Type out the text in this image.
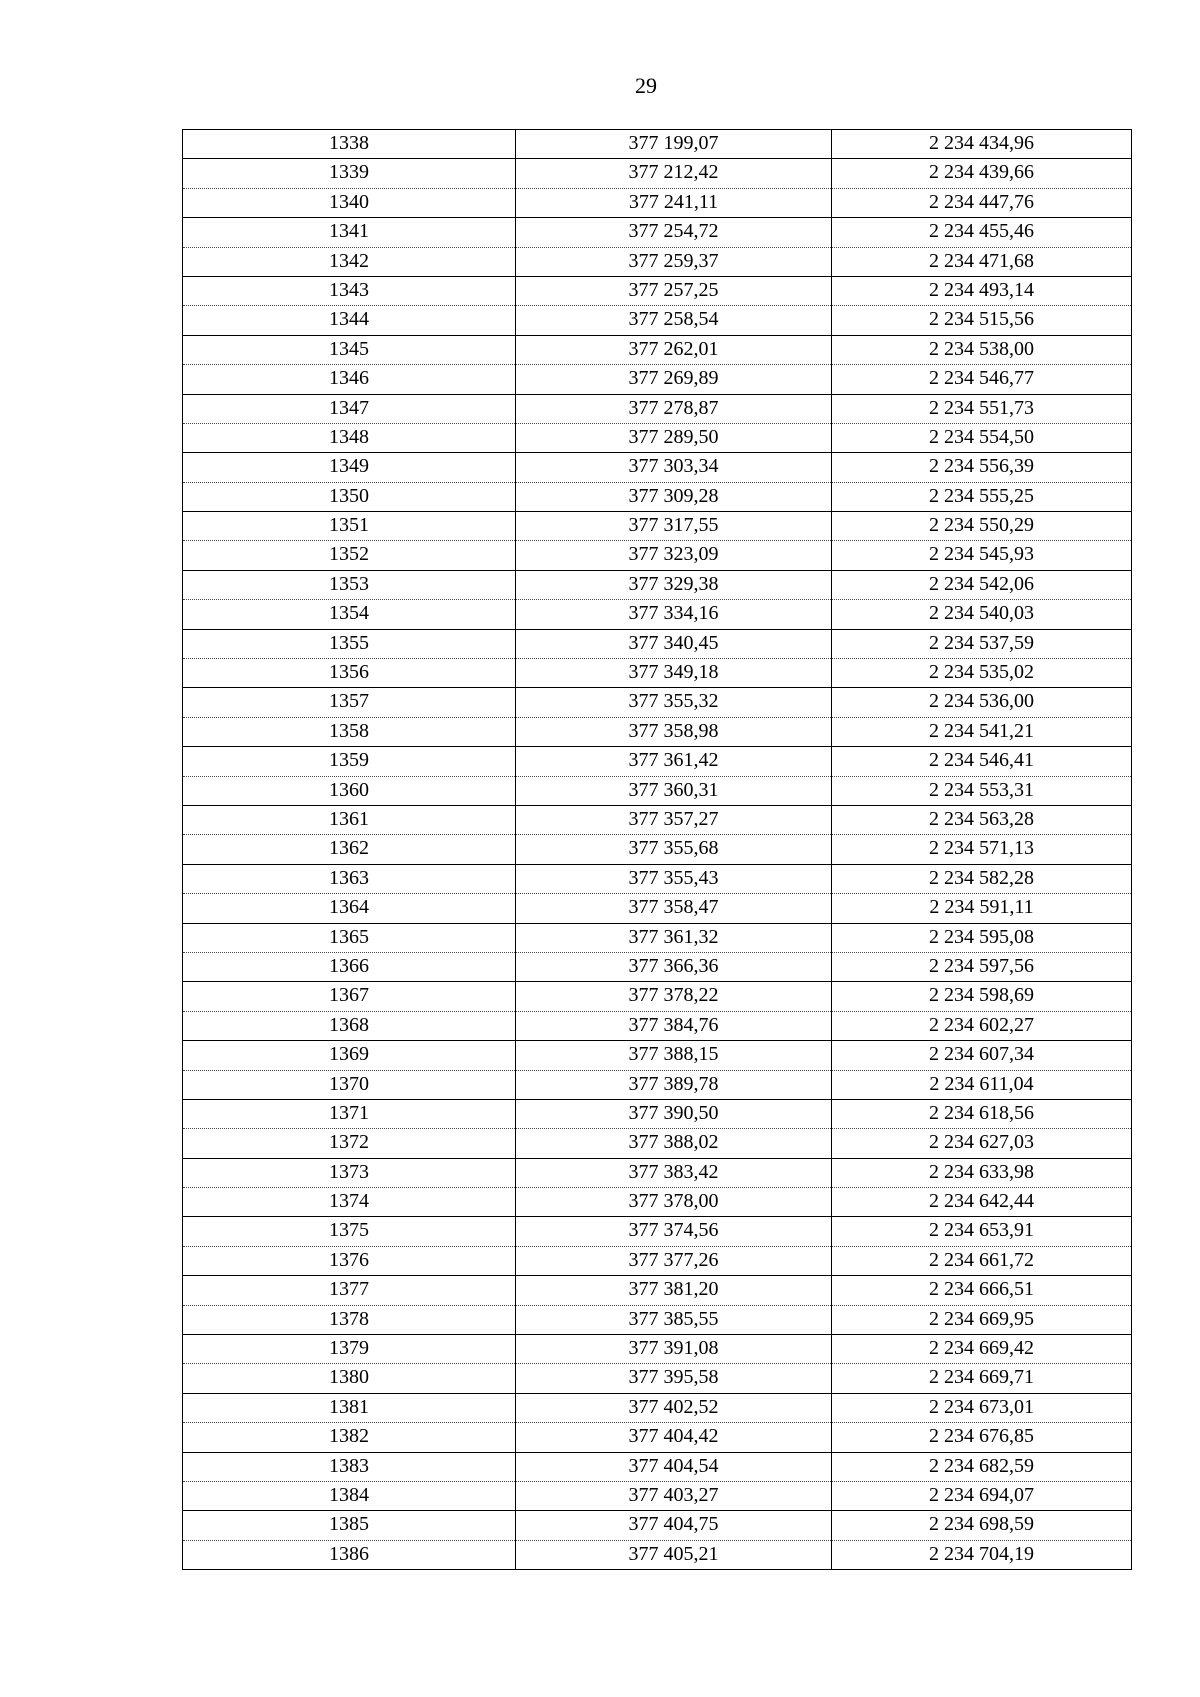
29
1338	377 199,07	2 234 434,96
1339	377 212,42	2 234 439,66
1340	377 241,11	2 234 447,76
1341	377 254,72	2 234 455,46
1342	377 259,37	2 234 471,68
1343	377 257,25	2 234 493,14
1344	377 258,54	2 234 515,56
1345	377 262,01	2 234 538,00
1346	377 269,89	2 234 546,77
1347	377 278,87	2 234 551,73
1348	377 289,50	2 234 554,50
1349	377 303,34	2 234 556,39
1350	377 309,28	2 234 555,25
1351	377 317,55	2 234 550,29
1352	377 323,09	2 234 545,93
1353	377 329,38	2 234 542,06
1354	377 334,16	2 234 540,03
1355	377 340,45	2 234 537,59
1356	377 349,18	2 234 535,02
1357	377 355,32	2 234 536,00
1358	377 358,98	2 234 541,21
1359	377 361,42	2 234 546,41
1360	377 360,31	2 234 553,31
1361	377 357,27	2 234 563,28
1362	377 355,68	2 234 571,13
1363	377 355,43	2 234 582,28
1364	377 358,47	2 234 591,11
1365	377 361,32	2 234 595,08
1366	377 366,36	2 234 597,56
1367	377 378,22	2 234 598,69
1368	377 384,76	2 234 602,27
1369	377 388,15	2 234 607,34
1370	377 389,78	2 234 611,04
1371	377 390,50	2 234 618,56
1372	377 388,02	2 234 627,03
1373	377 383,42	2 234 633,98
1374	377 378,00	2 234 642,44
1375	377 374,56	2 234 653,91
1376	377 377,26	2 234 661,72
1377	377 381,20	2 234 666,51
1378	377 385,55	2 234 669,95
1379	377 391,08	2 234 669,42
1380	377 395,58	2 234 669,71
1381	377 402,52	2 234 673,01
1382	377 404,42	2 234 676,85
1383	377 404,54	2 234 682,59
1384	377 403,27	2 234 694,07
1385	377 404,75	2 234 698,59
1386	377 405,21	2 234 704,19
